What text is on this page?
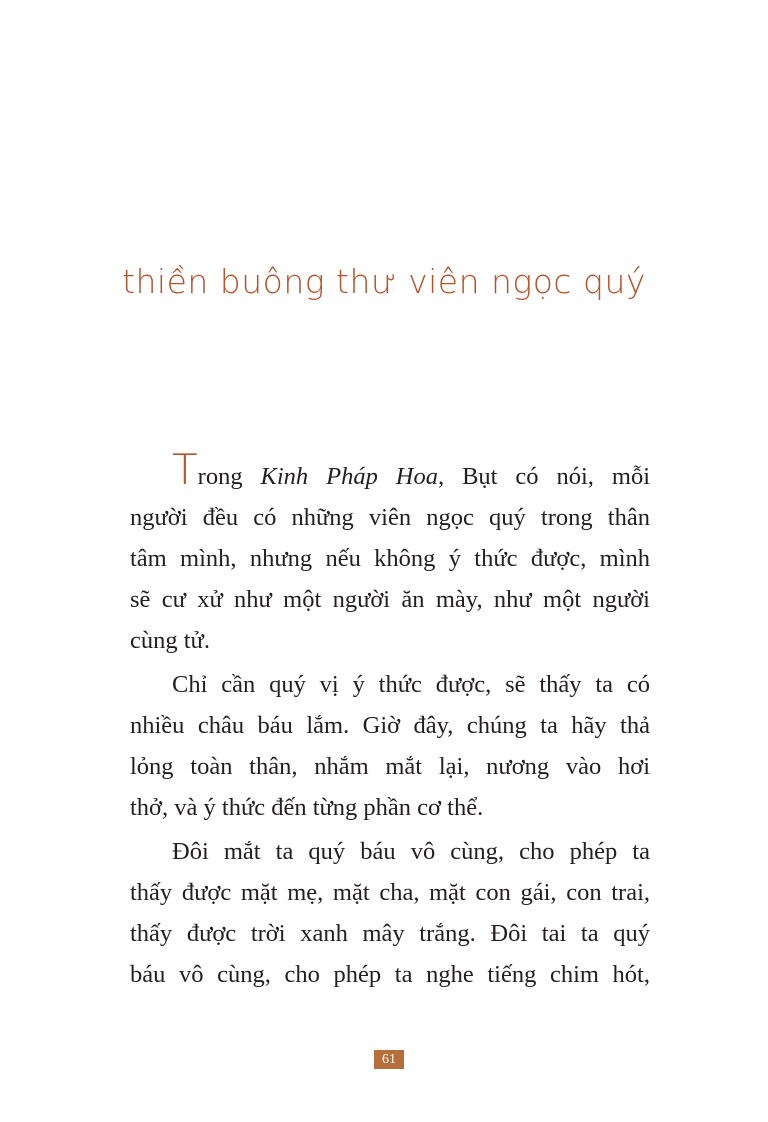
thiền buông thư viên ngọc quý
Trong Kinh Pháp Hoa, Bụt có nói, mỗi
người đều có những viên ngọc quý trong thân
tâm mình, nhưng nếu không ý thức được, mình
sẽ cư xử như một người ăn mày, như một người
cùng tử.
Chỉ cần quý vị ý thức được, sẽ thấy ta có
nhiều châu báu lắm. Giờ đây, chúng ta hãy thả
lỏng toàn thân, nhắm mắt lại, nương vào hơi
thở, và ý thức đến từng phần cơ thể.
Đôi mắt ta quý báu vô cùng, cho phép ta
thấy được mặt mẹ, mặt cha, mặt con gái, con trai,
thấy được trời xanh mây trắng. Đôi tai ta quý
báu vô cùng, cho phép ta nghe tiếng chim hót,
61
